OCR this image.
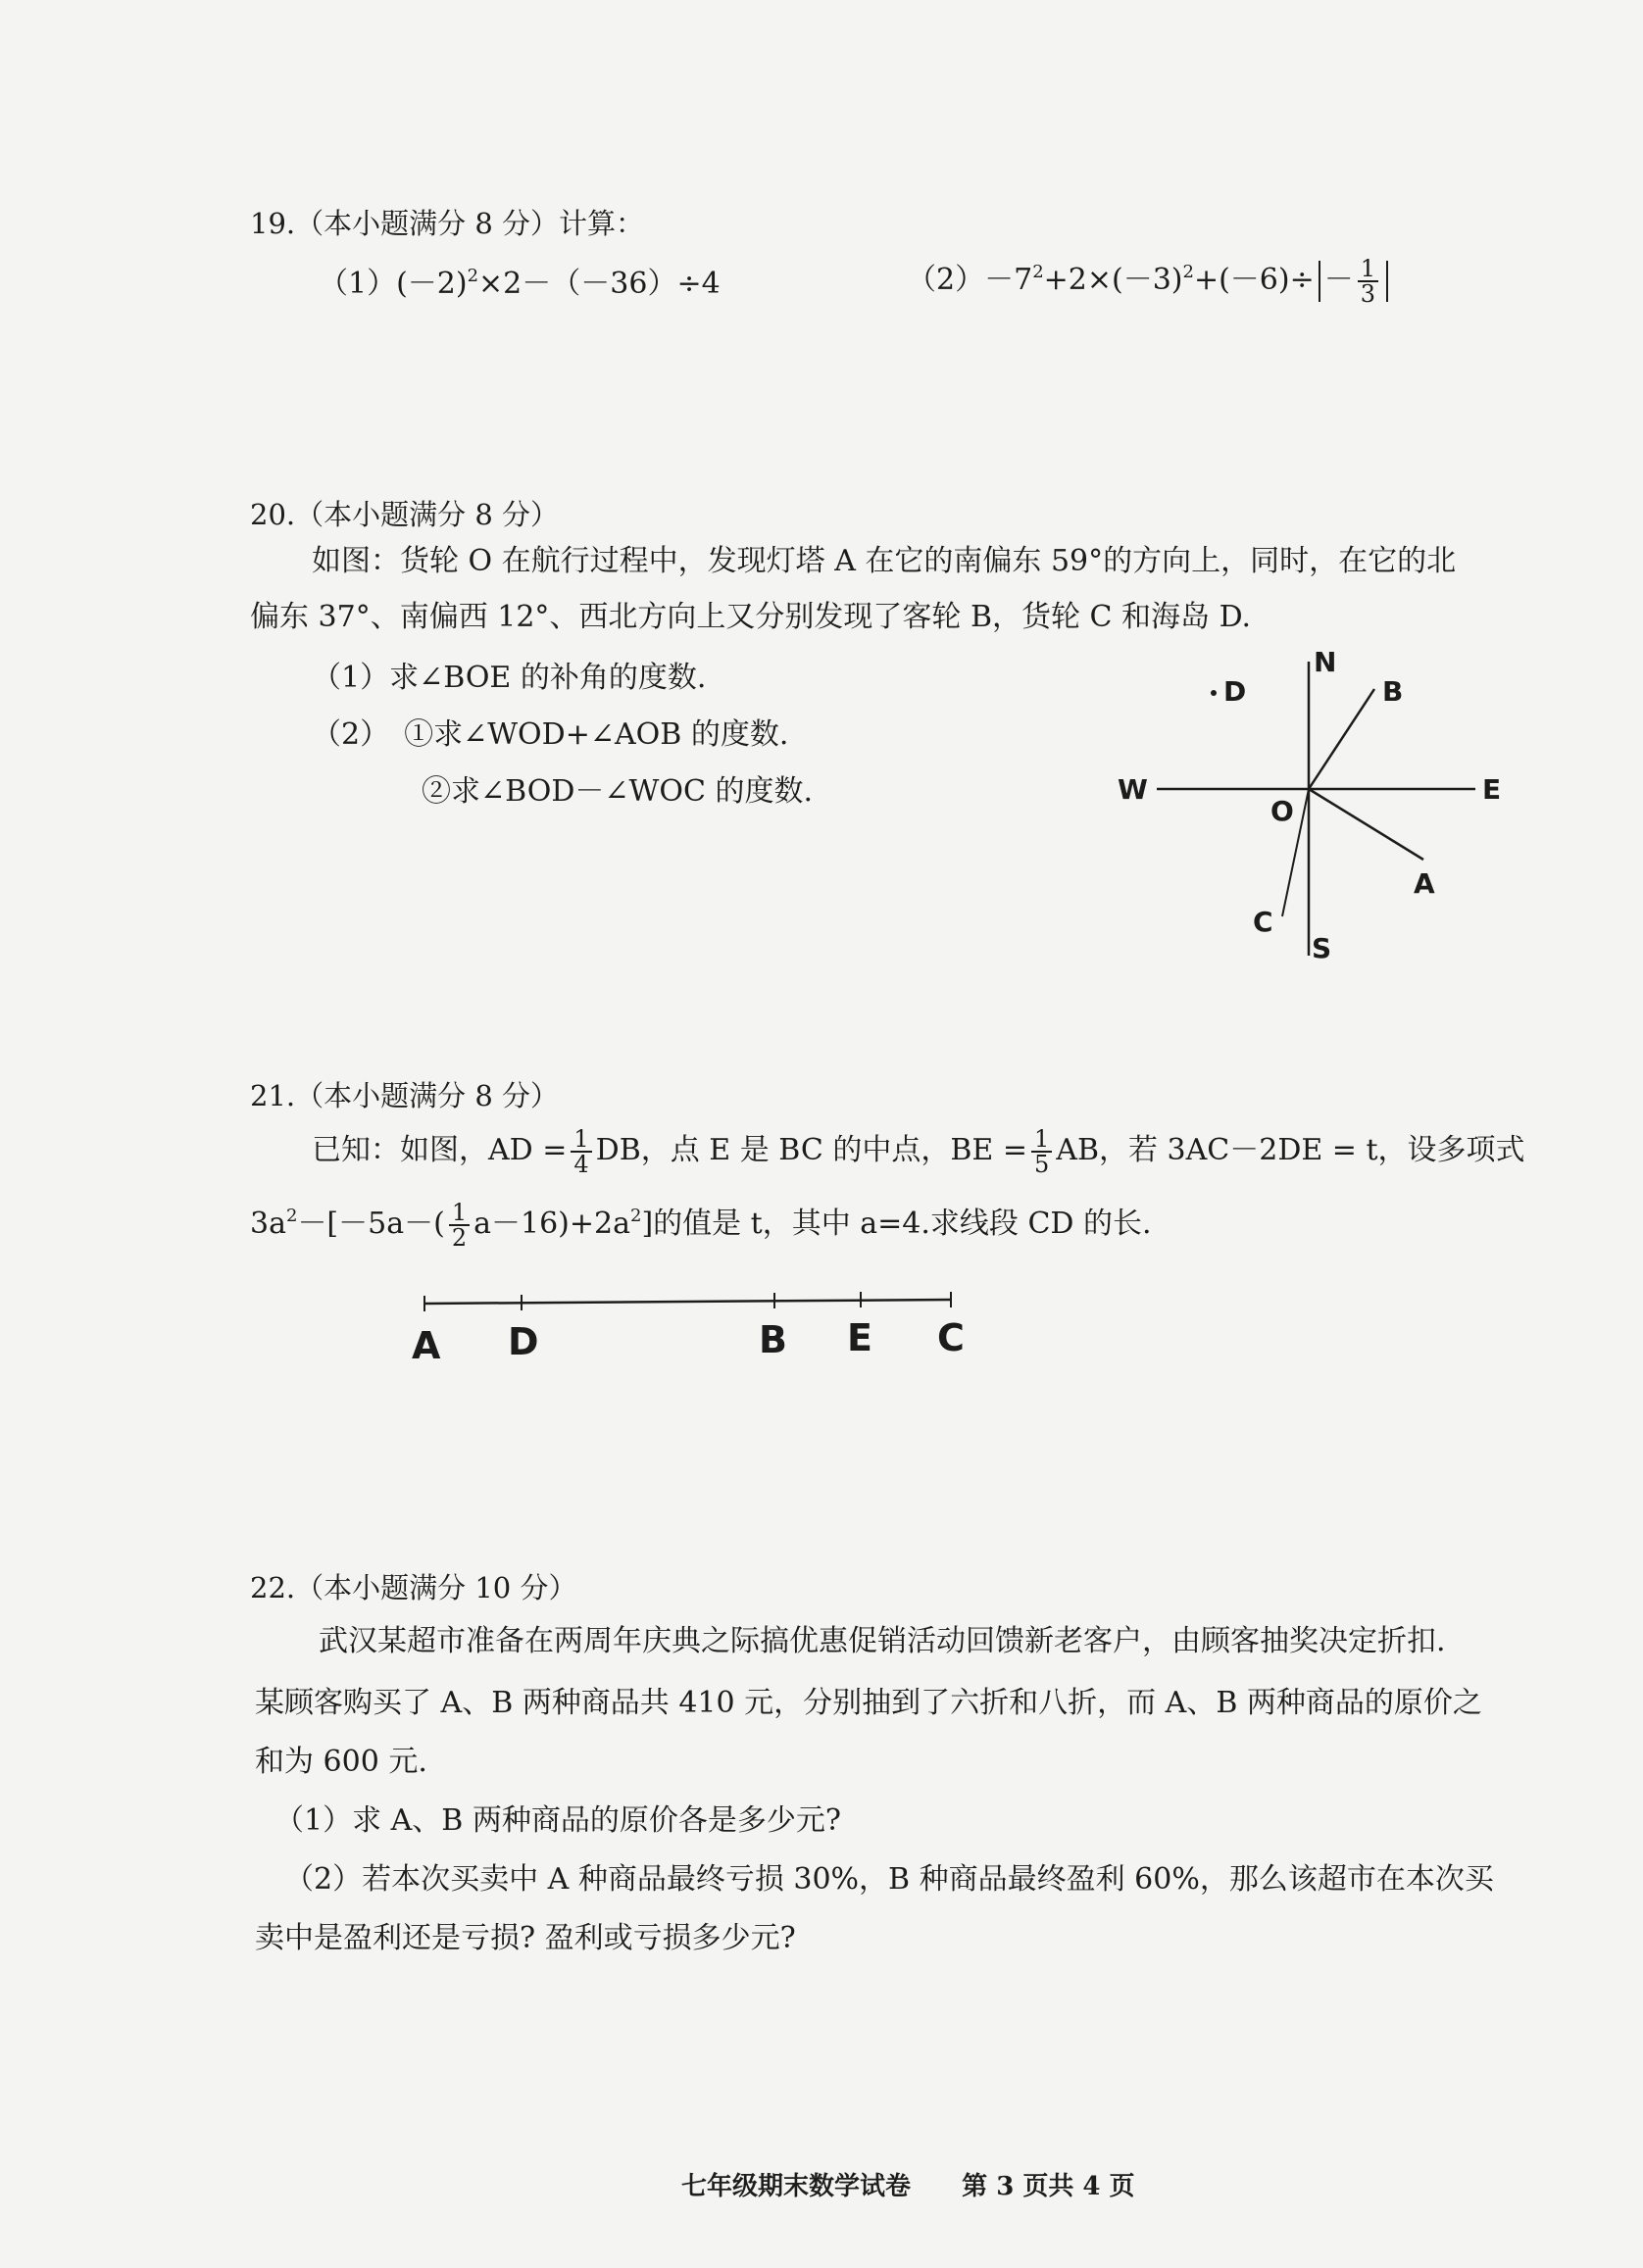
19.（本小题满分 8 分）计算：
$(1)(-2)^2\times 2-(-36)\div 4$	$(2)-7^2+2\times(-3)^2+(-6)\div - \frac{1}{3}$
20.（本小题满分 8 分）
如图：货轮 O 在航行过程中，发现灯塔 A 在它的南偏东 59°的方向上，同时，在它的北
偏东 37°、南偏西 12°、西北方向上又分别发现了客轮 B，货轮 C 和海岛 D.
（1）求∠BOE 的补角的度数.
（2）　①求∠WOD+∠AOB 的度数.
②求∠BOD－∠WOC 的度数.
N
S
W	E
O
B
A
C
D
21.（本小题满分 8 分）
已知：如图，AD = $\frac{1}{4}$ DB，点 E 是 BC 的中点，BE = $\frac{1}{5}$ AB，若 3AC－2DE = t，设多项式
$3a^2-[-5a-( \frac{1}{2} a-16)+2a^2]$的值是 t，其中 a=4.求线段 CD 的长.
A D	B E C
22.（本小题满分 10 分）
武汉某超市准备在两周年庆典之际搞优惠促销活动回馈新老客户，由顾客抽奖决定折扣.
某顾客购买了 A、B 两种商品共 410 元，分别抽到了六折和八折，而 A、B 两种商品的原价之
和为 600 元.
（1）求 A、B 两种商品的原价各是多少元?
（2）若本次买卖中 A 种商品最终亏损 30%，B 种商品最终盈利 60%，那么该超市在本次买
卖中是盈利还是亏损? 盈利或亏损多少元?
七年级期末数学试卷 第 3 页共 4 页
